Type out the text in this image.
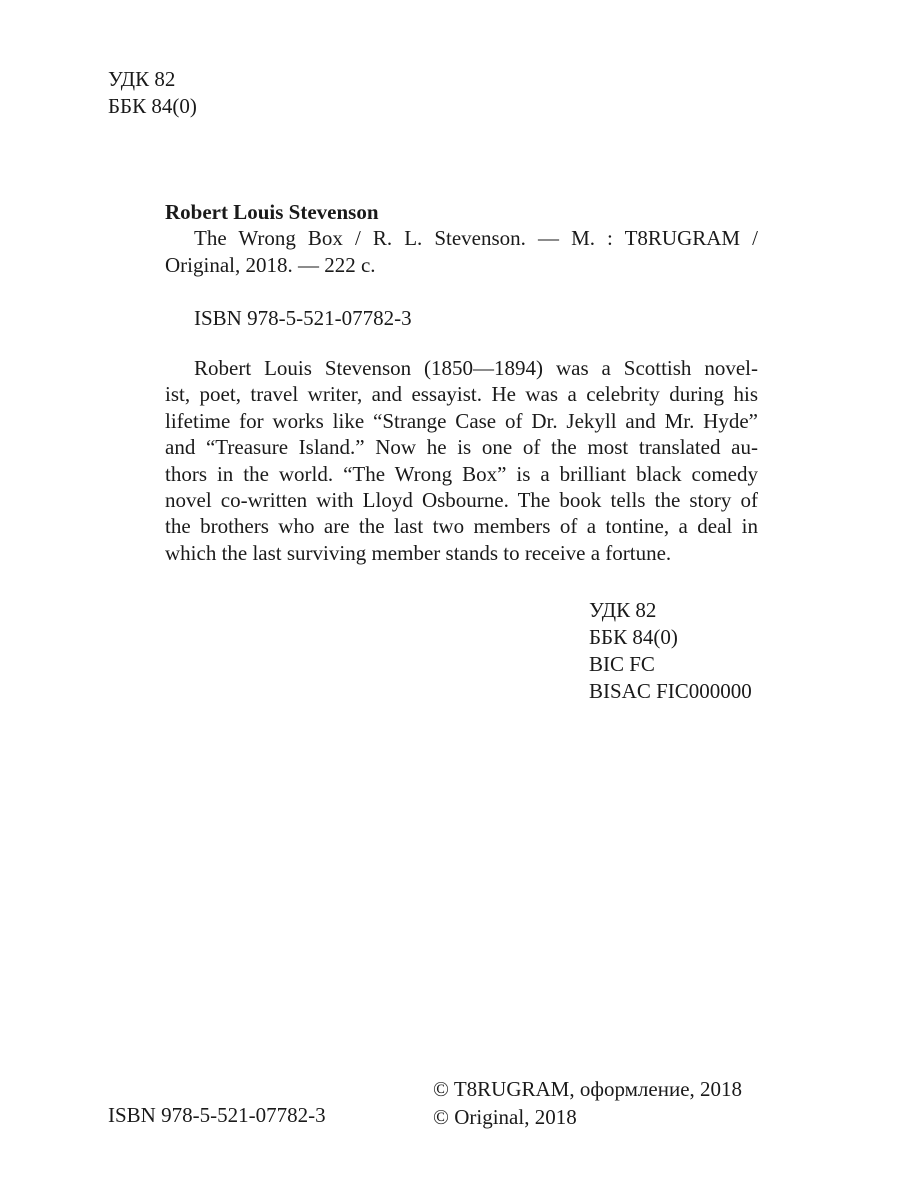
УДК 82
ББК 84(0)
Robert Louis Stevenson
The Wrong Box / R. L. Stevenson. — M. : T8RUGRAM /
Original, 2018. — 222 с.
ISBN 978-5-521-07782-3
Robert Louis Stevenson (1850—1894) was a Scottish novel-
ist, poet, travel writer, and essayist. He was a celebrity during his
lifetime for works like “Strange Case of Dr. Jekyll and Mr. Hyde”
and “Treasure Island.” Now he is one of the most translated au-
thors in the world. “The Wrong Box” is a brilliant black comedy
novel co-written with Lloyd Osbourne. The book tells the story of
the brothers who are the last two members of a tontine, a deal in
which the last surviving member stands to receive a fortune.
УДК 82
ББК 84(0)
BIC FC
BISAC FIC000000
ISBN 978-5-521-07782-3
© T8RUGRAM, оформление, 2018
© Original, 2018
